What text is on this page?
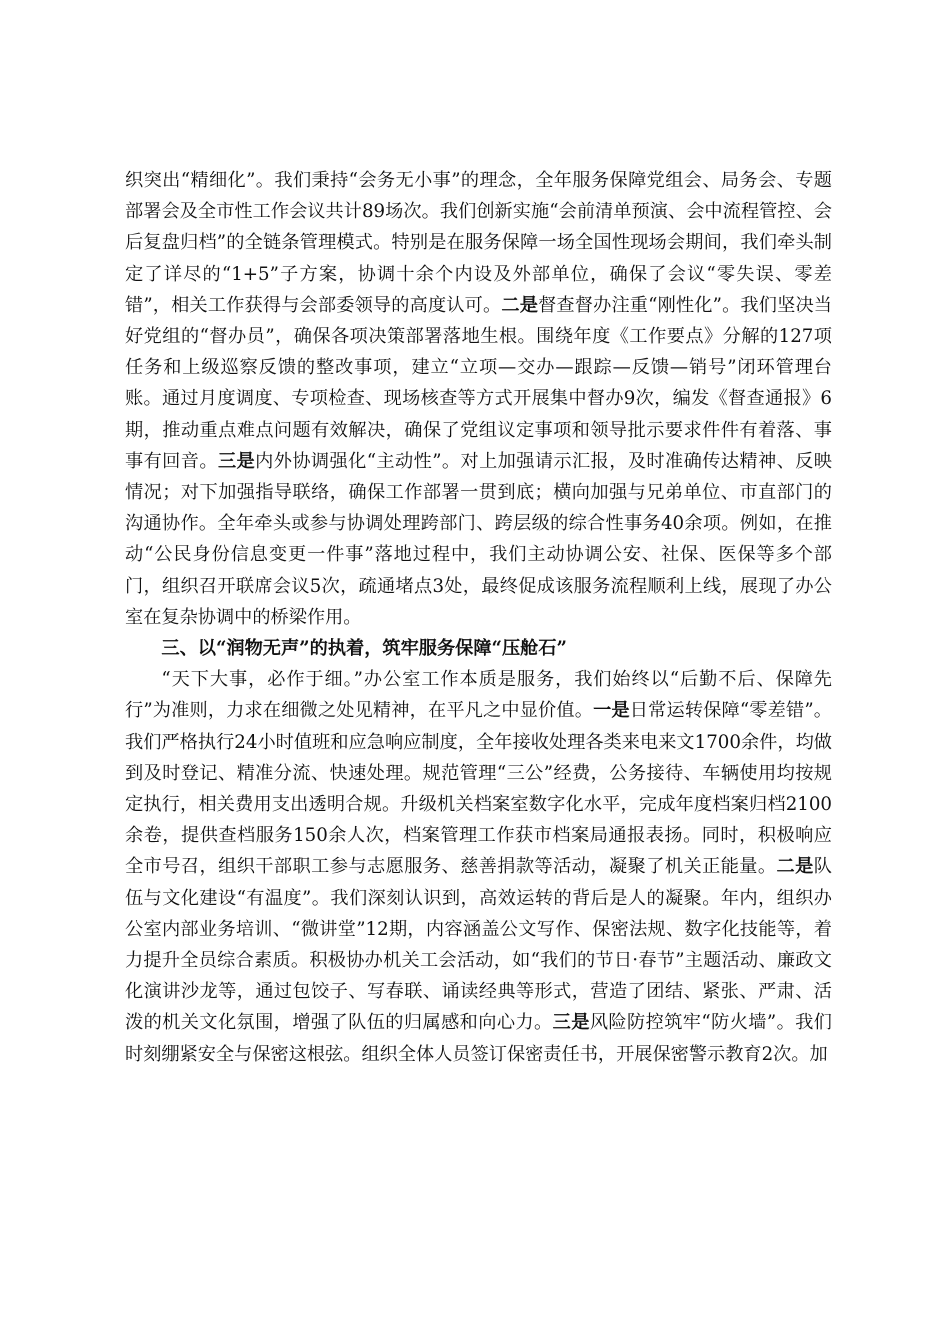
织突出“精细化”。我们秉持“会务无小事”的理念，全年服务保障党组会、局务会、专题部署会及全市性工作会议共计89场次。我们创新实施“会前清单预演、会中流程管控、会后复盘归档”的全链条管理模式。特别是在服务保障一场全国性现场会期间，我们牵头制定了详尽的“1+5”子方案，协调十余个内设及外部单位，确保了会议“零失误、零差错”，相关工作获得与会部委领导的高度认可。二是督查督办注重“刚性化”。我们坚决当好党组的“督办员”，确保各项决策部署落地生根。围绕年度《工作要点》分解的127项任务和上级巡察反馈的整改事项，建立“立项—交办—跟踪—反馈—销号”闭环管理台账。通过月度调度、专项检查、现场核查等方式开展集中督办9次，编发《督查通报》6期，推动重点难点问题有效解决，确保了党组议定事项和领导批示要求件件有着落、事事有回音。三是内外协调强化“主动性”。对上加强请示汇报，及时准确传达精神、反映情况；对下加强指导联络，确保工作部署一贯到底；横向加强与兄弟单位、市直部门的沟通协作。全年牵头或参与协调处理跨部门、跨层级的综合性事务40余项。例如，在推动“公民身份信息变更一件事”落地过程中，我们主动协调公安、社保、医保等多个部门，组织召开联席会议5次，疏通堵点3处，最终促成该服务流程顺利上线，展现了办公室在复杂协调中的桥梁作用。

三、以“润物无声”的执着，筑牢服务保障“压舱石”

“天下大事，必作于细。”办公室工作本质是服务，我们始终以“后勤不后、保障先行”为准则，力求在细微之处见精神，在平凡之中显价值。一是日常运转保障“零差错”。我们严格执行24小时值班和应急响应制度，全年接收处理各类来电来文1700余件，均做到及时登记、精准分流、快速处理。规范管理“三公”经费，公务接待、车辆使用均按规定执行，相关费用支出透明合规。升级机关档案室数字化水平，完成年度档案归档2100余卷，提供查档服务150余人次，档案管理工作获市档案局通报表扬。同时，积极响应全市号召，组织干部职工参与志愿服务、慈善捐款等活动，凝聚了机关正能量。二是队伍与文化建设“有温度”。我们深刻认识到，高效运转的背后是人的凝聚。年内，组织办公室内部业务培训、“微讲堂”12期，内容涵盖公文写作、保密法规、数字化技能等，着力提升全员综合素质。积极协办机关工会活动，如“我们的节日·春节”主题活动、廉政文化演讲沙龙等，通过包饺子、写春联、诵读经典等形式，营造了团结、紧张、严肃、活泼的机关文化氛围，增强了队伍的归属感和向心力。三是风险防控筑牢“防火墙”。我们时刻绷紧安全与保密这根弦。组织全体人员签订保密责任书，开展保密警示教育2次。加
